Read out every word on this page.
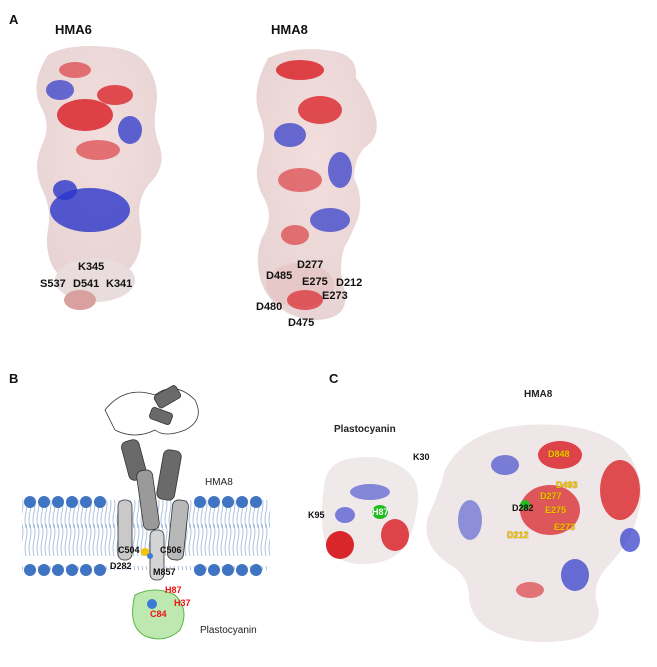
A
HMA6	HMA8
K345
S537 D541 K341
D277
D485 E275 D212
E273
D480
D475
B
HMA8
Plastocyanin
C504 C506
D282
M857
H87
H37
C84
C
HMA8
Plastocyanin
K30
K95	H87
D848
D493
D277
D282 E275
D212
E273
